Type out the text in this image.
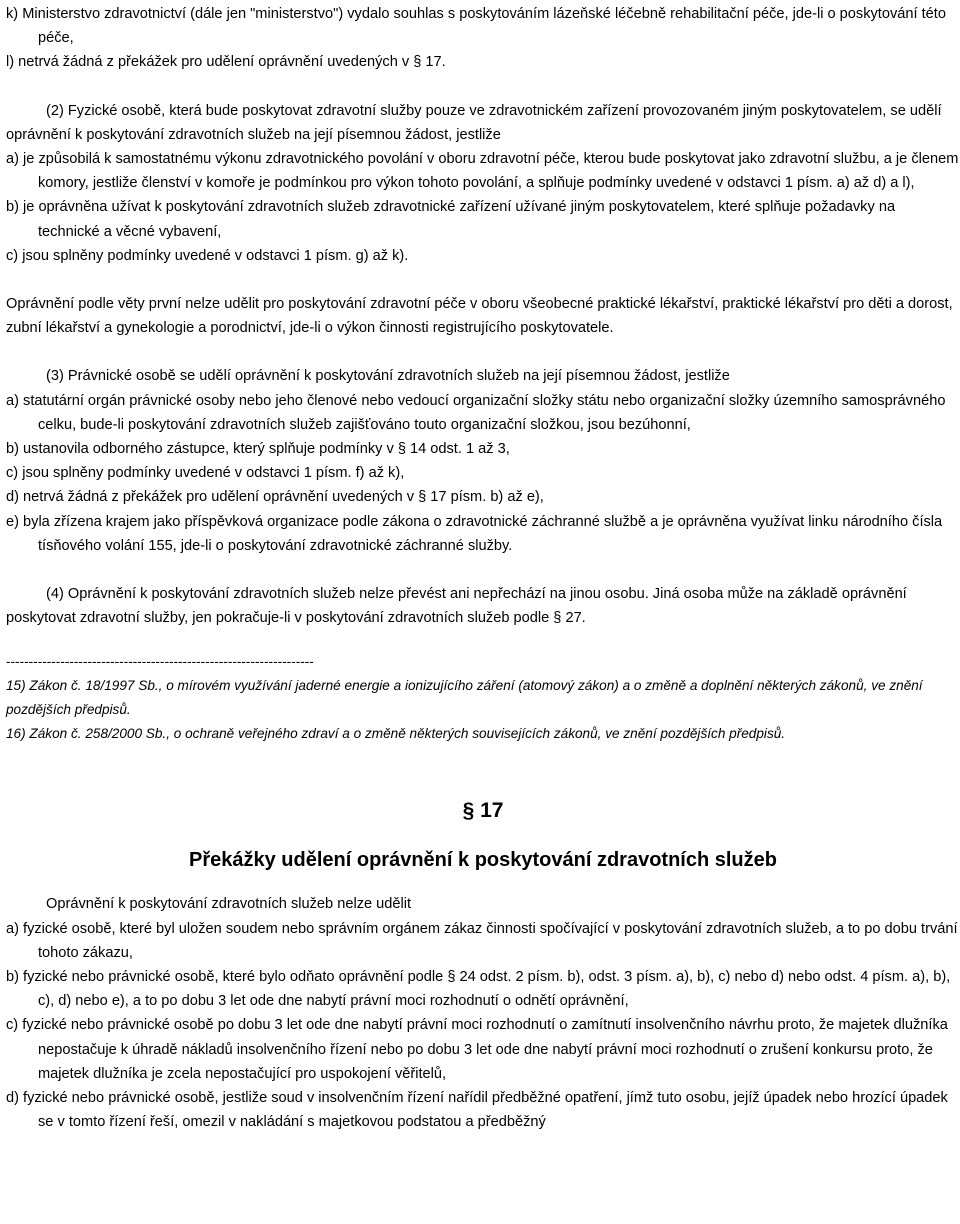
k) Ministerstvo zdravotnictví (dále jen "ministerstvo") vydalo souhlas s poskytováním lázeňské léčebně rehabilitační péče, jde-li o poskytování této péče,

l) netrvá žádná z překážek pro udělení oprávnění uvedených v § 17.

(2) Fyzické osobě, která bude poskytovat zdravotní služby pouze ve zdravotnickém zařízení provozovaném jiným poskytovatelem, se udělí oprávnění k poskytování zdravotních služeb na její písemnou žádost, jestliže

a) je způsobilá k samostatnému výkonu zdravotnického povolání v oboru zdravotní péče, kterou bude poskytovat jako zdravotní službu, a je členem komory, jestliže členství v komoře je podmínkou pro výkon tohoto povolání, a splňuje podmínky uvedené v odstavci 1 písm. a) až d) a l),

b) je oprávněna užívat k poskytování zdravotních služeb zdravotnické zařízení užívané jiným poskytovatelem, které splňuje požadavky na technické a věcné vybavení,

c) jsou splněny podmínky uvedené v odstavci 1 písm. g) až k).

Oprávnění podle věty první nelze udělit pro poskytování zdravotní péče v oboru všeobecné praktické lékařství, praktické lékařství pro děti a dorost, zubní lékařství a gynekologie a porodnictví, jde-li o výkon činnosti registrujícího poskytovatele.

(3) Právnické osobě se udělí oprávnění k poskytování zdravotních služeb na její písemnou žádost, jestliže

a) statutární orgán právnické osoby nebo jeho členové nebo vedoucí organizační složky státu nebo organizační složky územního samosprávného celku, bude-li poskytování zdravotních služeb zajišťováno touto organizační složkou, jsou bezúhonní,

b) ustanovila odborného zástupce, který splňuje podmínky v § 14 odst. 1 až 3,

c) jsou splněny podmínky uvedené v odstavci 1 písm. f) až k),

d) netrvá žádná z překážek pro udělení oprávnění uvedených v § 17 písm. b) až e),

e) byla zřízena krajem jako příspěvková organizace podle zákona o zdravotnické záchranné službě a je oprávněna využívat linku národního čísla tísňového volání 155, jde-li o poskytování zdravotnické záchranné služby.

(4) Oprávnění k poskytování zdravotních služeb nelze převést ani nepřechází na jinou osobu. Jiná osoba může na základě oprávnění poskytovat zdravotní služby, jen pokračuje-li v poskytování zdravotních služeb podle § 27.

--------------------------------------------------------------------

15) Zákon č. 18/1997 Sb., o mírovém využívání jaderné energie a ionizujícího záření (atomový zákon) a o změně a doplnění některých zákonů, ve znění pozdějších předpisů.

16) Zákon č. 258/2000 Sb., o ochraně veřejného zdraví a o změně některých souvisejících zákonů, ve znění pozdějších předpisů.

§ 17

Překážky udělení oprávnění k poskytování zdravotních služeb

Oprávnění k poskytování zdravotních služeb nelze udělit

a) fyzické osobě, které byl uložen soudem nebo správním orgánem zákaz činnosti spočívající v poskytování zdravotních služeb, a to po dobu trvání tohoto zákazu,

b) fyzické nebo právnické osobě, které bylo odňato oprávnění podle § 24 odst. 2 písm. b), odst. 3 písm. a), b), c) nebo d) nebo odst. 4 písm. a), b), c), d) nebo e), a to po dobu 3 let ode dne nabytí právní moci rozhodnutí o odnětí oprávnění,

c) fyzické nebo právnické osobě po dobu 3 let ode dne nabytí právní moci rozhodnutí o zamítnutí insolvenčního návrhu proto, že majetek dlužníka nepostačuje k úhradě nákladů insolvenčního řízení nebo po dobu 3 let ode dne nabytí právní moci rozhodnutí o zrušení konkursu proto, že majetek dlužníka je zcela nepostačující pro uspokojení věřitelů,

d) fyzické nebo právnické osobě, jestliže soud v insolvenčním řízení nařídil předběžné opatření, jímž tuto osobu, jejíž úpadek nebo hrozící úpadek se v tomto řízení řeší, omezil v nakládání s majetkovou podstatou a předběžný
